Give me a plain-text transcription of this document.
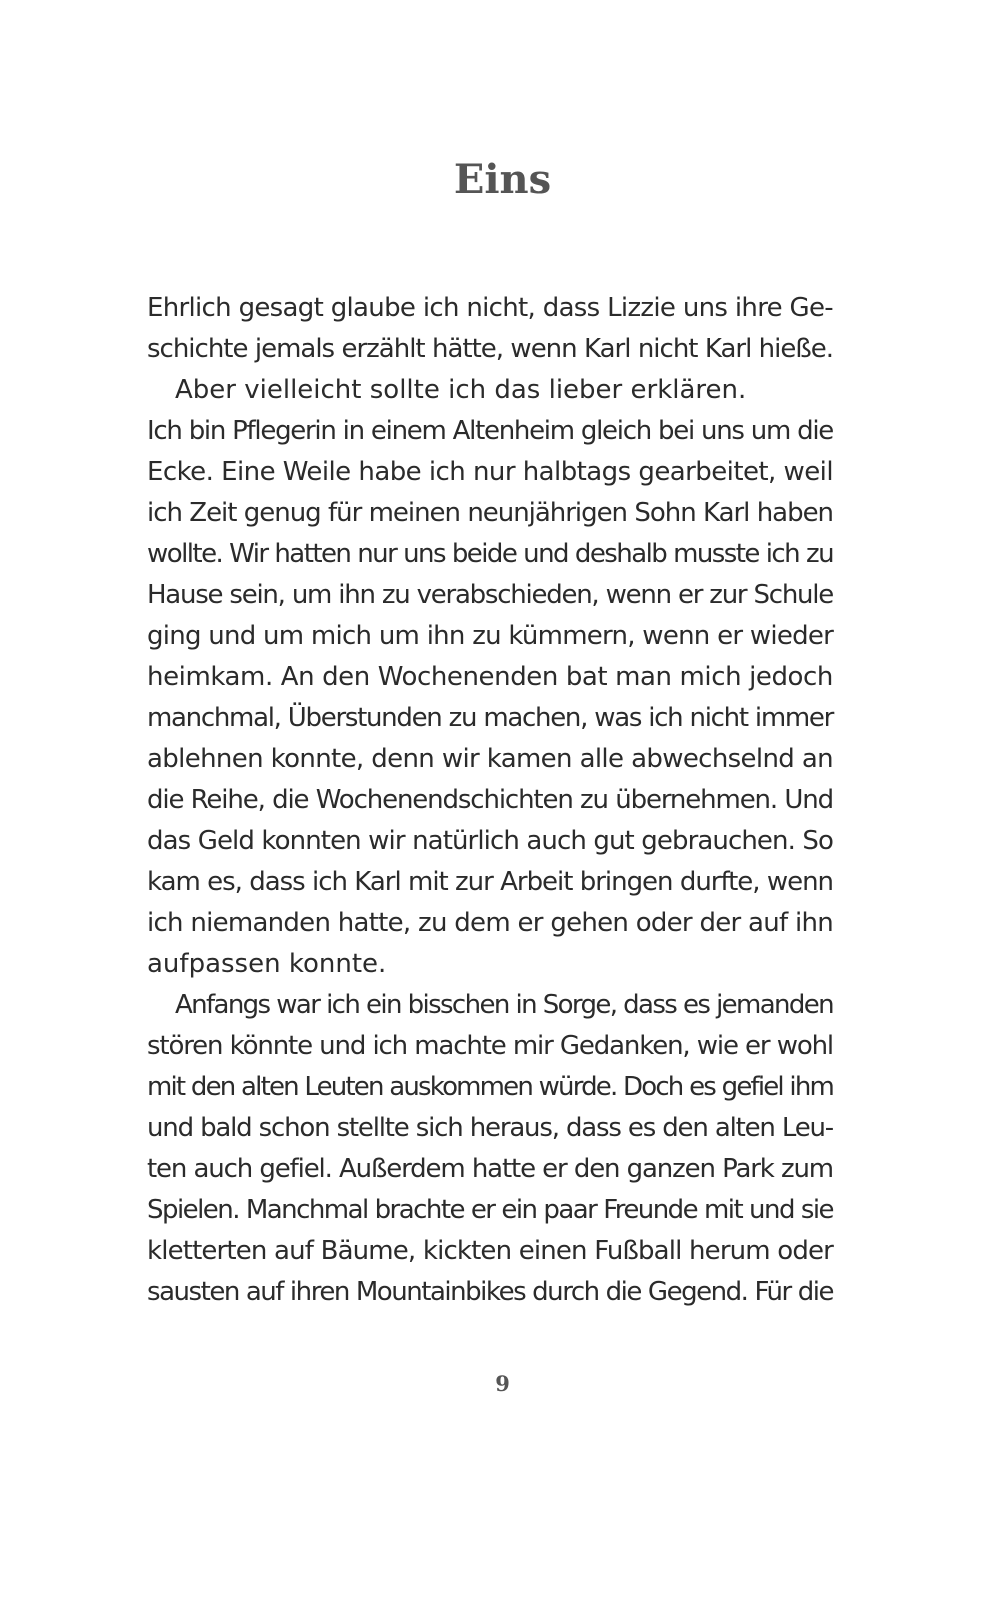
Eins
Ehrlich gesagt glaube ich nicht, dass Lizzie uns ihre Ge-
schichte jemals erzählt hätte, wenn Karl nicht Karl hieße.
Aber vielleicht sollte ich das lieber erklären.
Ich bin Pflegerin in einem Altenheim gleich bei uns um die
Ecke. Eine Weile habe ich nur halbtags gearbeitet, weil
ich Zeit genug für meinen neunjährigen Sohn Karl haben
wollte. Wir hatten nur uns beide und deshalb musste ich zu
Hause sein, um ihn zu verabschieden, wenn er zur Schule
ging und um mich um ihn zu kümmern, wenn er wieder
heimkam. An den Wochenenden bat man mich jedoch
manchmal, Überstunden zu machen, was ich nicht immer
ablehnen konnte, denn wir kamen alle abwechselnd an
die Reihe, die Wochenendschichten zu übernehmen. Und
das Geld konnten wir natürlich auch gut gebrauchen. So
kam es, dass ich Karl mit zur Arbeit bringen durfte, wenn
ich niemanden hatte, zu dem er gehen oder der auf ihn
aufpassen konnte.
Anfangs war ich ein bisschen in Sorge, dass es jemanden
stören könnte und ich machte mir Gedanken, wie er wohl
mit den alten Leuten auskommen würde. Doch es gefiel ihm
und bald schon stellte sich heraus, dass es den alten Leu-
ten auch gefiel. Außerdem hatte er den ganzen Park zum
Spielen. Manchmal brachte er ein paar Freunde mit und sie
kletterten auf Bäume, kickten einen Fußball herum oder
sausten auf ihren Mountainbikes durch die Gegend. Für die
9
